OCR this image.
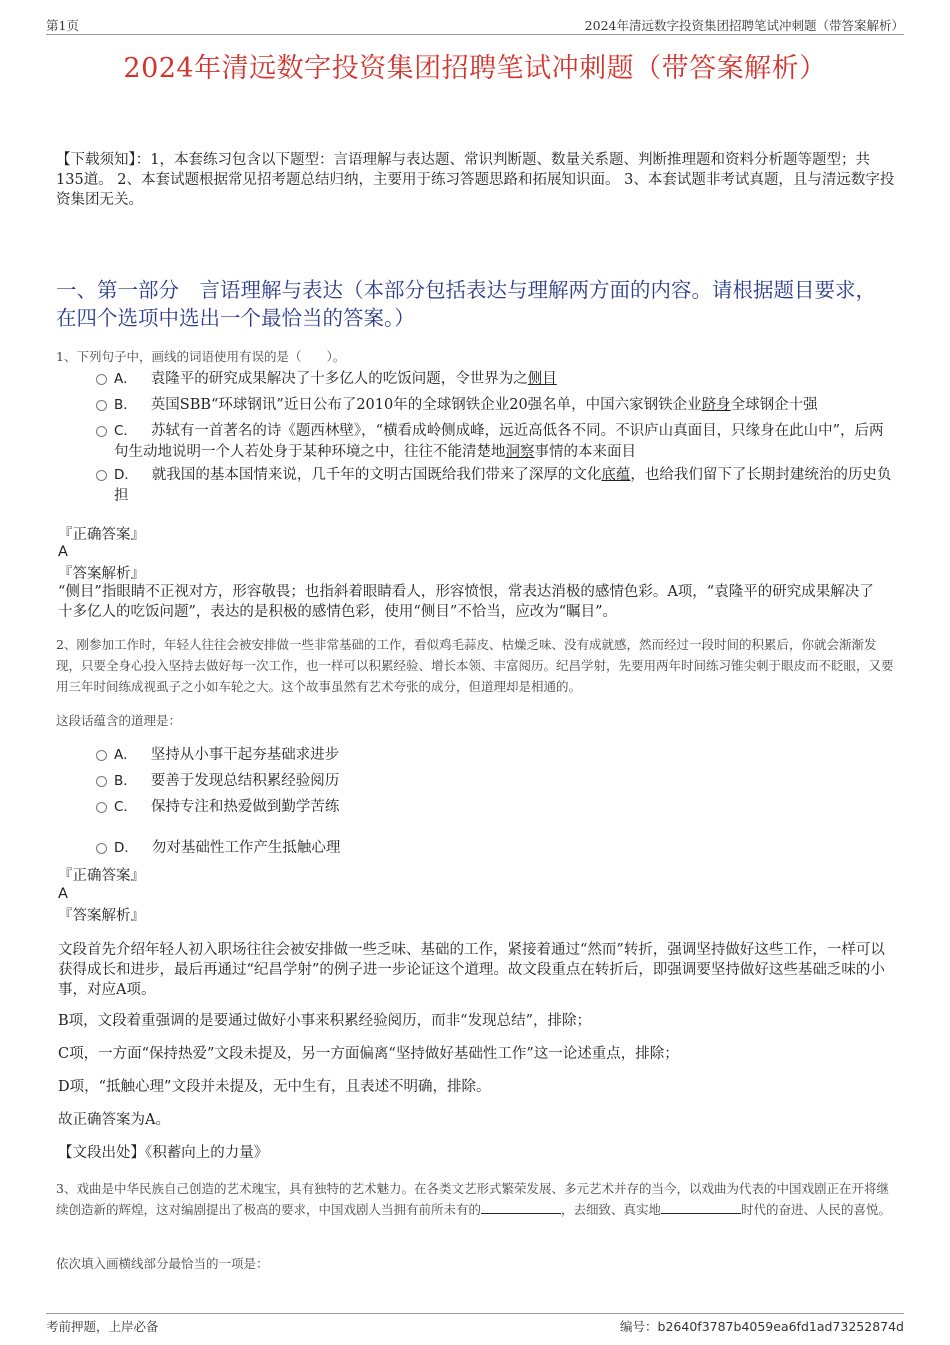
第1页	2024年清远数字投资集团招聘笔试冲刺题（带答案解析）
2024年清远数字投资集团招聘笔试冲刺题（带答案解析）
【下载须知】：1，本套练习包含以下题型：言语理解与表达题、常识判断题、数量关系题、判断推理题和资料分析题等题型；共135道。 2、本套试题根据常见招考题总结归纳，主要用于练习答题思路和拓展知识面。 3、本套试题非考试真题，且与清远数字投资集团无关。
一、第一部分　言语理解与表达（本部分包括表达与理解两方面的内容。请根据题目要求，在四个选项中选出一个最恰当的答案。）
1、下列句子中，画线的词语使用有误的是（　　）。
A． 袁隆平的研究成果解决了十多亿人的吃饭问题，令世界为之侧目
B． 英国SBB“环球钢讯”近日公布了2010年的全球钢铁企业20强名单，中国六家钢铁企业跻身全球钢企十强
C． 苏轼有一首著名的诗《题西林壁》，“横看成岭侧成峰，远近高低各不同。不识庐山真面目，只缘身在此山中”，后两句生动地说明一个人若处身于某种环境之中，往往不能清楚地洞察事情的本来面目
D． 就我国的基本国情来说，几千年的文明古国既给我们带来了深厚的文化底蕴，也给我们留下了长期封建统治的历史负担
『正确答案』
A
『答案解析』
“侧目”指眼睛不正视对方，形容敬畏；也指斜着眼睛看人，形容愤恨，常表达消极的感情色彩。A项，“袁隆平的研究成果解决了十多亿人的吃饭问题”，表达的是积极的感情色彩，使用“侧目”不恰当，应改为“瞩目”。
2、刚参加工作时，年轻人往往会被安排做一些非常基础的工作，看似鸡毛蒜皮、枯燥乏味、没有成就感，然而经过一段时间的积累后，你就会渐渐发现，只要全身心投入坚持去做好每一次工作，也一样可以积累经验、增长本领、丰富阅历。纪昌学射，先要用两年时间练习锥尖刺于眼皮而不眨眼，又要用三年时间练成视虱子之小如车轮之大。这个故事虽然有艺术夸张的成分，但道理却是相通的。
这段话蕴含的道理是：
A． 坚持从小事干起夯基础求进步
B． 要善于发现总结积累经验阅历
C． 保持专注和热爱做到勤学苦练
D． 勿对基础性工作产生抵触心理
『正确答案』
A
『答案解析』
文段首先介绍年轻人初入职场往往会被安排做一些乏味、基础的工作，紧接着通过“然而”转折，强调坚持做好这些工作，一样可以获得成长和进步，最后再通过“纪昌学射”的例子进一步论证这个道理。故文段重点在转折后，即强调要坚持做好这些基础乏味的小事，对应A项。
B项，文段着重强调的是要通过做好小事来积累经验阅历，而非“发现总结”，排除；
C项，一方面“保持热爱”文段未提及，另一方面偏离“坚持做好基础性工作”这一论述重点，排除；
D项，“抵触心理”文段并未提及，无中生有，且表述不明确，排除。
故正确答案为A。
【文段出处】《积蓄向上的力量》
3、戏曲是中华民族自己创造的艺术瑰宝，具有独特的艺术魅力。在各类文艺形式繁荣发展、多元艺术并存的当今，以戏曲为代表的中国戏剧正在开将继续创造新的辉煌，这对编剧提出了极高的要求，中国戏剧人当拥有前所未有的	，去细致、真实地	时代的奋进、人民的喜悦。
依次填入画横线部分最恰当的一项是：
考前押题，上岸必备	编号：b2640f3787b4059ea6fd1ad73252874d
